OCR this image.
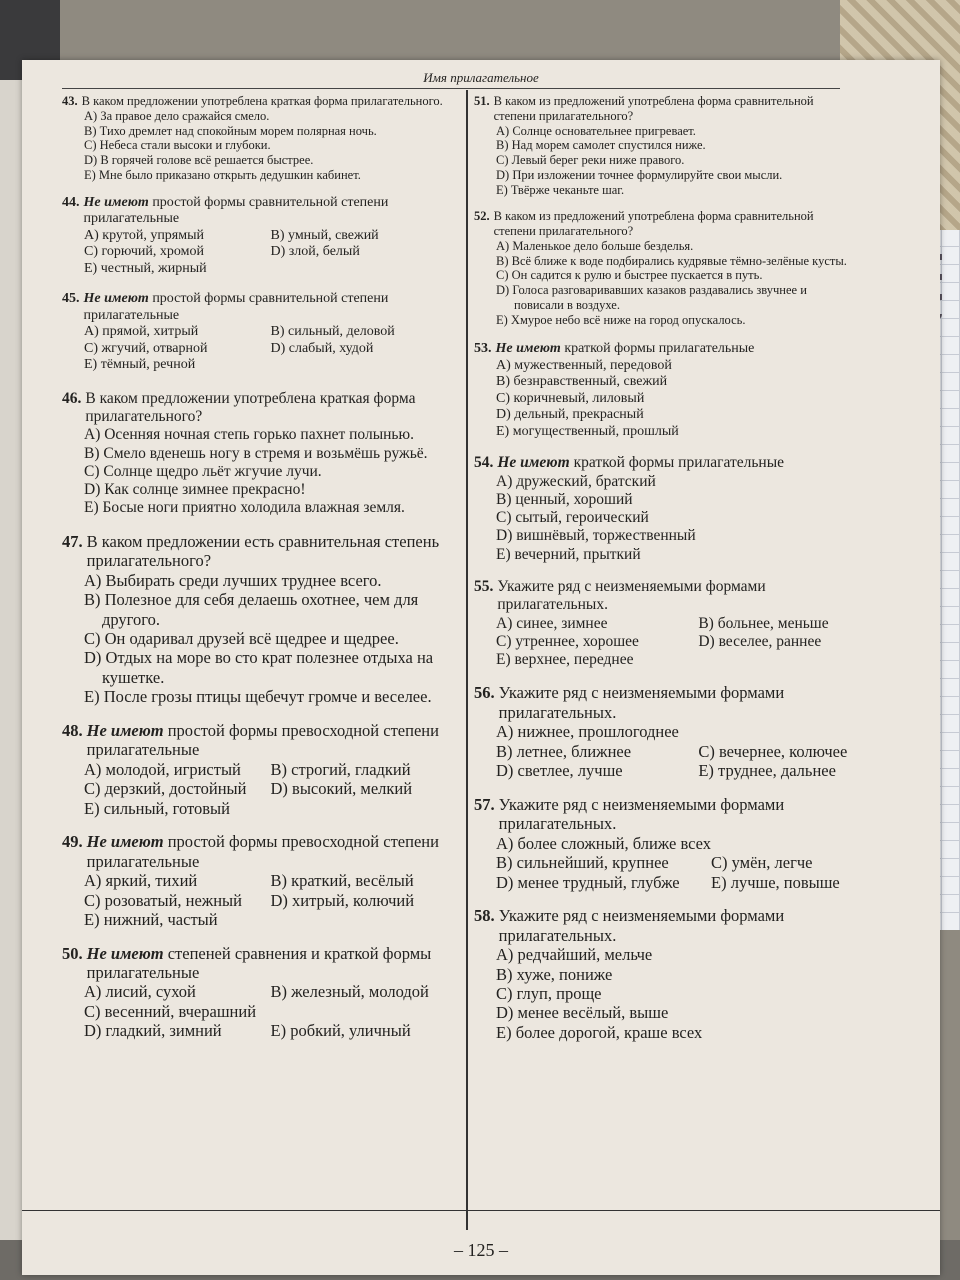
Имя прилагательное
43. В каком предложении употреблена краткая форма прилагательного.
A) За правое дело сражайся смело.
B) Тихо дремлет над спокойным морем полярная ночь.
C) Небеса стали высоки и глубоки.
D) В горячей голове всё решается быстрее.
E) Мне было приказано открыть дедушкин кабинет.
44. Не имеют простой формы сравнительной степени прилагательные
A) крутой, упрямый	B) умный, свежий
C) горючий, хромой	D) злой, белый
E) честный, жирный
45. Не имеют простой формы сравнительной степени прилагательные
A) прямой, хитрый	B) сильный, деловой
C) жгучий, отварной	D) слабый, худой
E) тёмный, речной
46. В каком предложении употреблена краткая форма прилагательного?
A) Осенняя ночная степь горько пахнет полынью.
B) Смело вденешь ногу в стремя и возьмёшь ружьё.
C) Солнце щедро льёт жгучие лучи.
D) Как солнце зимнее прекрасно!
E) Босые ноги приятно холодила влажная земля.
47. В каком предложении есть сравнительная степень прилагательного?
A) Выбирать среди лучших труднее всего.
B) Полезное для себя делаешь охотнее, чем для другого.
C) Он одаривал друзей всё щедрее и щедрее.
D) Отдых на море во сто крат полезнее отдыха на кушетке.
E) После грозы птицы щебечут громче и веселее.
48. Не имеют простой формы превосходной степени прилагательные
A) молодой, игристый	B) строгий, гладкий
C) дерзкий, достойный	D) высокий, мелкий
E) сильный, готовый
49. Не имеют простой формы превосходной степени прилагательные
A) яркий, тихий	B) краткий, весёлый
C) розоватый, нежный	D) хитрый, колючий
E) нижний, частый
50. Не имеют степеней сравнения и краткой формы прилагательные
A) лисий, сухой	B) железный, молодой
C) весенний, вчерашний
D) гладкий, зимний	E) робкий, уличный
51. В каком из предложений употреблена форма сравнительной степени прилагательного?
A) Солнце основательнее пригревает.
B) Над морем самолет спустился ниже.
C) Левый берег реки ниже правого.
D) При изложении точнее формулируйте свои мысли.
E) Твёрже чеканьте шаг.
52. В каком из предложений употреблена форма сравнительной степени прилагательного?
A) Маленькое дело больше безделья.
B) Всё ближе к воде подбирались кудрявые тёмно-зелёные кусты.
C) Он садится к рулю и быстрее пускается в путь.
D) Голоса разговаривавших казаков раздавались звучнее и повисали в воздухе.
E) Хмурое небо всё ниже на город опускалось.
53. Не имеют краткой формы прилагательные
A) мужественный, передовой
B) безнравственный, свежий
C) коричневый, лиловый
D) дельный, прекрасный
E) могущественный, прошлый
54. Не имеют краткой формы прилагательные
A) дружеский, братский
B) ценный, хороший
C) сытый, героический
D) вишнёвый, торжественный
E) вечерний, прыткий
55. Укажите ряд с неизменяемыми формами прилагательных.
A) синее, зимнее	B) больнее, меньше
C) утреннее, хорошее	D) веселее, раннее
E) верхнее, переднее
56. Укажите ряд с неизменяемыми формами прилагательных.
A) нижнее, прошлогоднее
B) летнее, ближнее	C) вечернее, колючее
D) светлее, лучше	E) труднее, дальнее
57. Укажите ряд с неизменяемыми формами прилагательных.
A) более сложный, ближе всех
B) сильнейший, крупнее	C) умён, легче
D) менее трудный, глубже	E) лучше, повыше
58. Укажите ряд с неизменяемыми формами прилагательных.
A) редчайший, мельче
B) хуже, пониже
C) глуп, проще
D) менее весёлый, выше
E) более дорогой, краше всех
– 125 –
